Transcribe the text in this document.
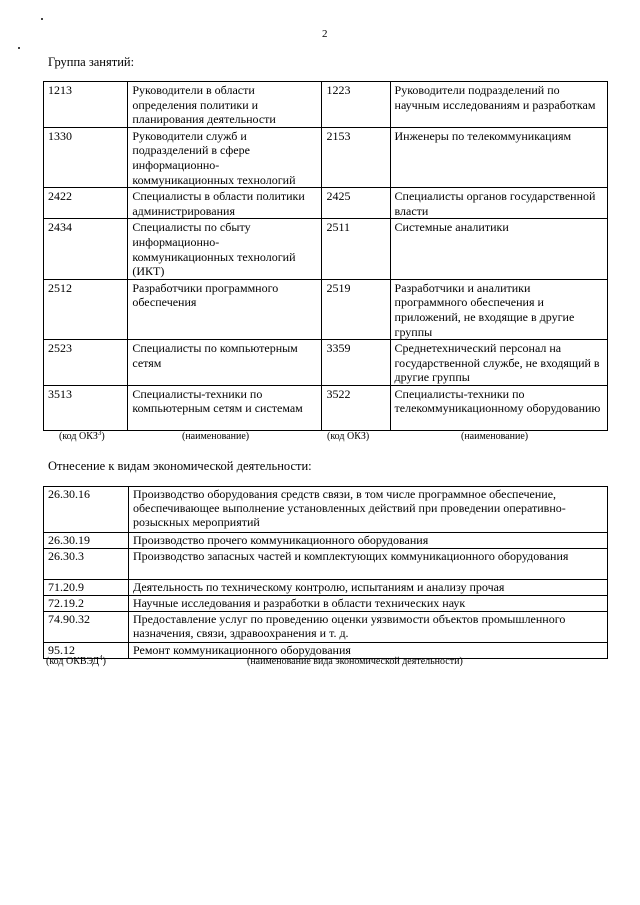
2
Группа занятий:
1213	Руководители в области определения политики и планирования деятельности	1223	Руководители подразделений по научным исследованиям и разработкам
1330	Руководители служб и подразделений в сфере информационно-коммуникационных технологий	2153	Инженеры по телекоммуникациям
2422	Специалисты в области политики администрирования	2425	Специалисты органов государственной власти
2434	Специалисты по сбыту информационно-коммуникационных технологий (ИКТ)	2511	Системные аналитики
2512	Разработчики программного обеспечения	2519	Разработчики и аналитики программного обеспечения и приложений, не входящие в другие группы
2523	Специалисты по компьютерным сетям	3359	Среднетехнический персонал на государственной службе, не входящий в другие группы
3513	Специалисты-техники по компьютерным сетям и системам	3522	Специалисты-техники по телекоммуникационному оборудованию
(код ОКЗ$^3$)	(наименование)	(код ОКЗ)	(наименование)
Отнесение к видам экономической деятельности:
26.30.16	Производство оборудования средств связи, в том числе программное обеспечение, обеспечивающее выполнение установленных действий при проведении оперативно-розыскных мероприятий
26.30.19	Производство прочего коммуникационного оборудования
26.30.3	Производство запасных частей и комплектующих коммуникационного оборудования
71.20.9	Деятельность по техническому контролю, испытаниям и анализу прочая
72.19.2	Научные исследования и разработки в области технических наук
74.90.32	Предоставление услуг по проведению оценки уязвимости объектов промышленного назначения, связи, здравоохранения и т. д.
95.12	Ремонт коммуникационного оборудования
(код ОКВЭД$^4$)	(наименование вида экономической деятельности)
